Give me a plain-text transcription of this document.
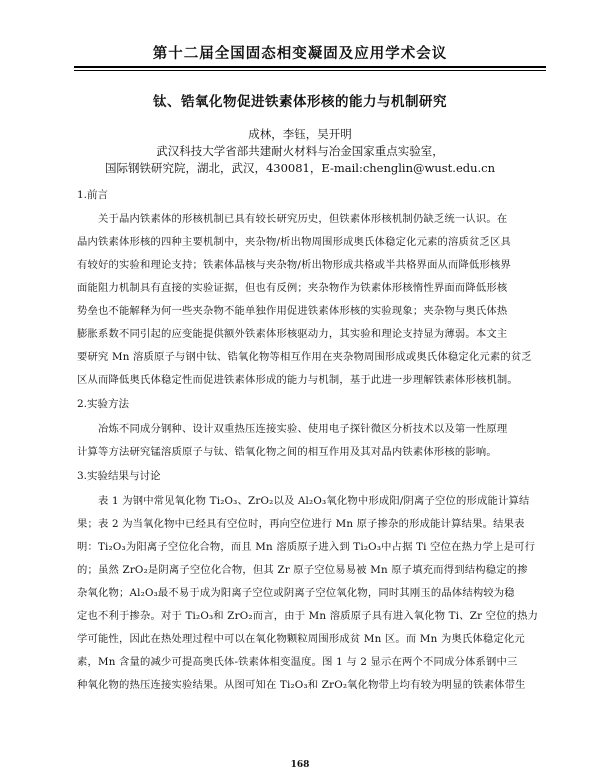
第十二届全国固态相变凝固及应用学术会议
钛、锆氧化物促进铁素体形核的能力与机制研究
成林，李钰，吴开明
武汉科技大学省部共建耐火材料与冶金国家重点实验室，
国际钢铁研究院，湖北，武汉，430081，E-mail:chenglin@wust.edu.cn
1.前言
关于晶内铁素体的形核机制已具有较长研究历史，但铁素体形核机制仍缺乏统一认识。在
晶内铁素体形核的四种主要机制中，夹杂物/析出物周围形成奥氏体稳定化元素的溶质贫乏区具
有较好的实验和理论支持；铁素体晶核与夹杂物/析出物形成共格或半共格界面从而降低形核界
面能阻力机制具有直接的实验证据，但也有反例；夹杂物作为铁素体形核惰性界面而降低形核
势垒也不能解释为何一些夹杂物不能单独作用促进铁素体形核的实验现象；夹杂物与奥氏体热
膨胀系数不同引起的应变能提供额外铁素体形核驱动力，其实验和理论支持显为薄弱。本文主
要研究 Mn 溶质原子与钢中钛、锆氧化物等相互作用在夹杂物周围形成或奥氏体稳定化元素的贫乏
区从而降低奥氏体稳定性而促进铁素体形成的能力与机制，基于此进一步理解铁素体形核机制。
2.实验方法
冶炼不同成分钢种、设计双重热压连接实验、使用电子探针微区分析技术以及第一性原理
计算等方法研究锰溶质原子与钛、锆氧化物之间的相互作用及其对晶内铁素体形核的影响。
3.实验结果与讨论
表 1 为钢中常见氧化物 Ti₂O₃、ZrO₂以及 Al₂O₃氧化物中形成阳/阴离子空位的形成能计算结
果；表 2 为当氧化物中已经具有空位时，再向空位进行 Mn 原子掺杂的形成能计算结果。结果表
明：Ti₂O₃为阳离子空位化合物，而且 Mn 溶质原子进入到 Ti₂O₃中占据 Ti 空位在热力学上是可行
的；虽然 ZrO₂是阴离子空位化合物，但其 Zr 原子空位易易被 Mn 原子填充而得到结构稳定的掺
杂氧化物；Al₂O₃最不易于成为阳离子空位或阴离子空位氧化物，同时其刚玉的晶体结构较为稳
定也不利于掺杂。对于 Ti₂O₃和 ZrO₂而言，由于 Mn 溶质原子具有进入氧化物 Ti、Zr 空位的热力
学可能性，因此在热处理过程中可以在氧化物颗粒周围形成贫 Mn 区。而 Mn 为奥氏体稳定化元
素，Mn 含量的减少可提高奥氏体-铁素体相变温度。图 1 与 2 显示在两个不同成分体系钢中三
种氧化物的热压连接实验结果。从图可知在 Ti₂O₃和 ZrO₂氧化物带上均有较为明显的铁素体带生
168
